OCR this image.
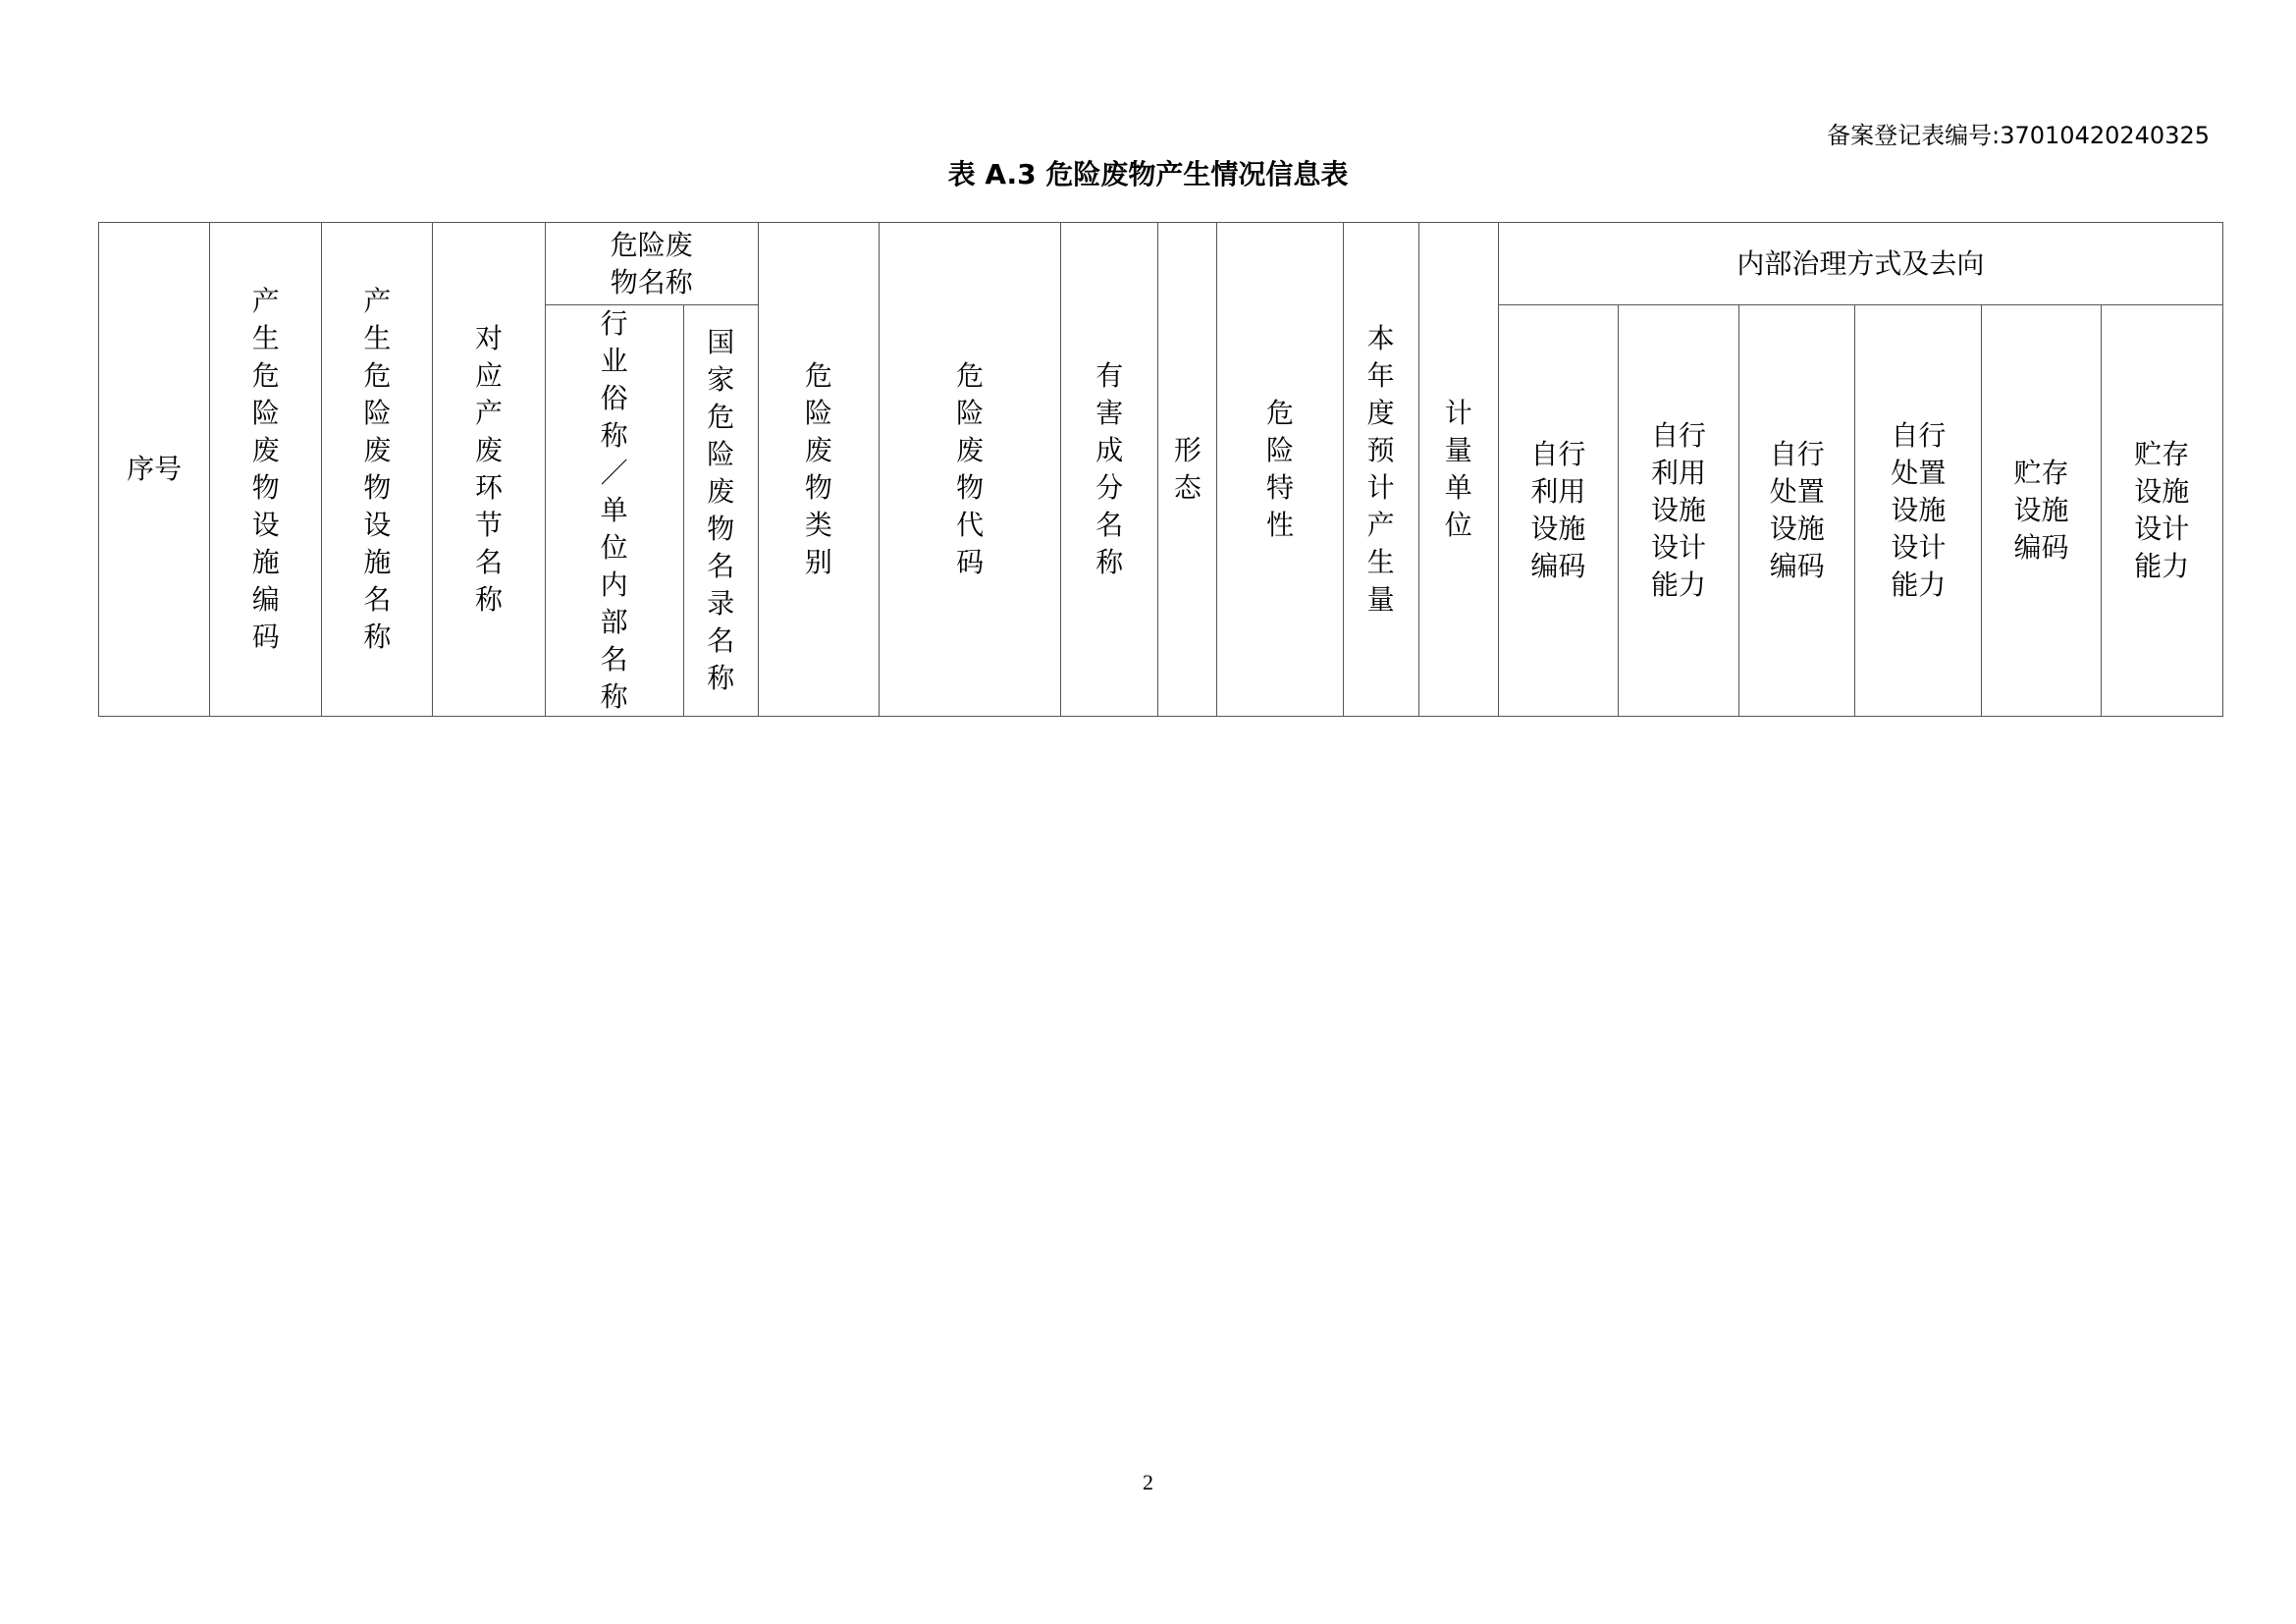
备案登记表编号:37010420240325
表 A.3 危险废物产生情况信息表
序号	产生危险废物设施编码	产生危险废物设施名称	对应产废环节名称	危险废物名称		危险废物类别	危险废物代码	有害成分名称	形态	危险特性	本年度预计产生量	计量单位	内部治理方式及去向					
				行业俗称／单位内部名称	国家危险废物名录名称								自行利用设施编码	自行利用设施设计能力	自行处置设施编码	自行处置设施设计能力	贮存设施编码	贮存设施设计能力
2
